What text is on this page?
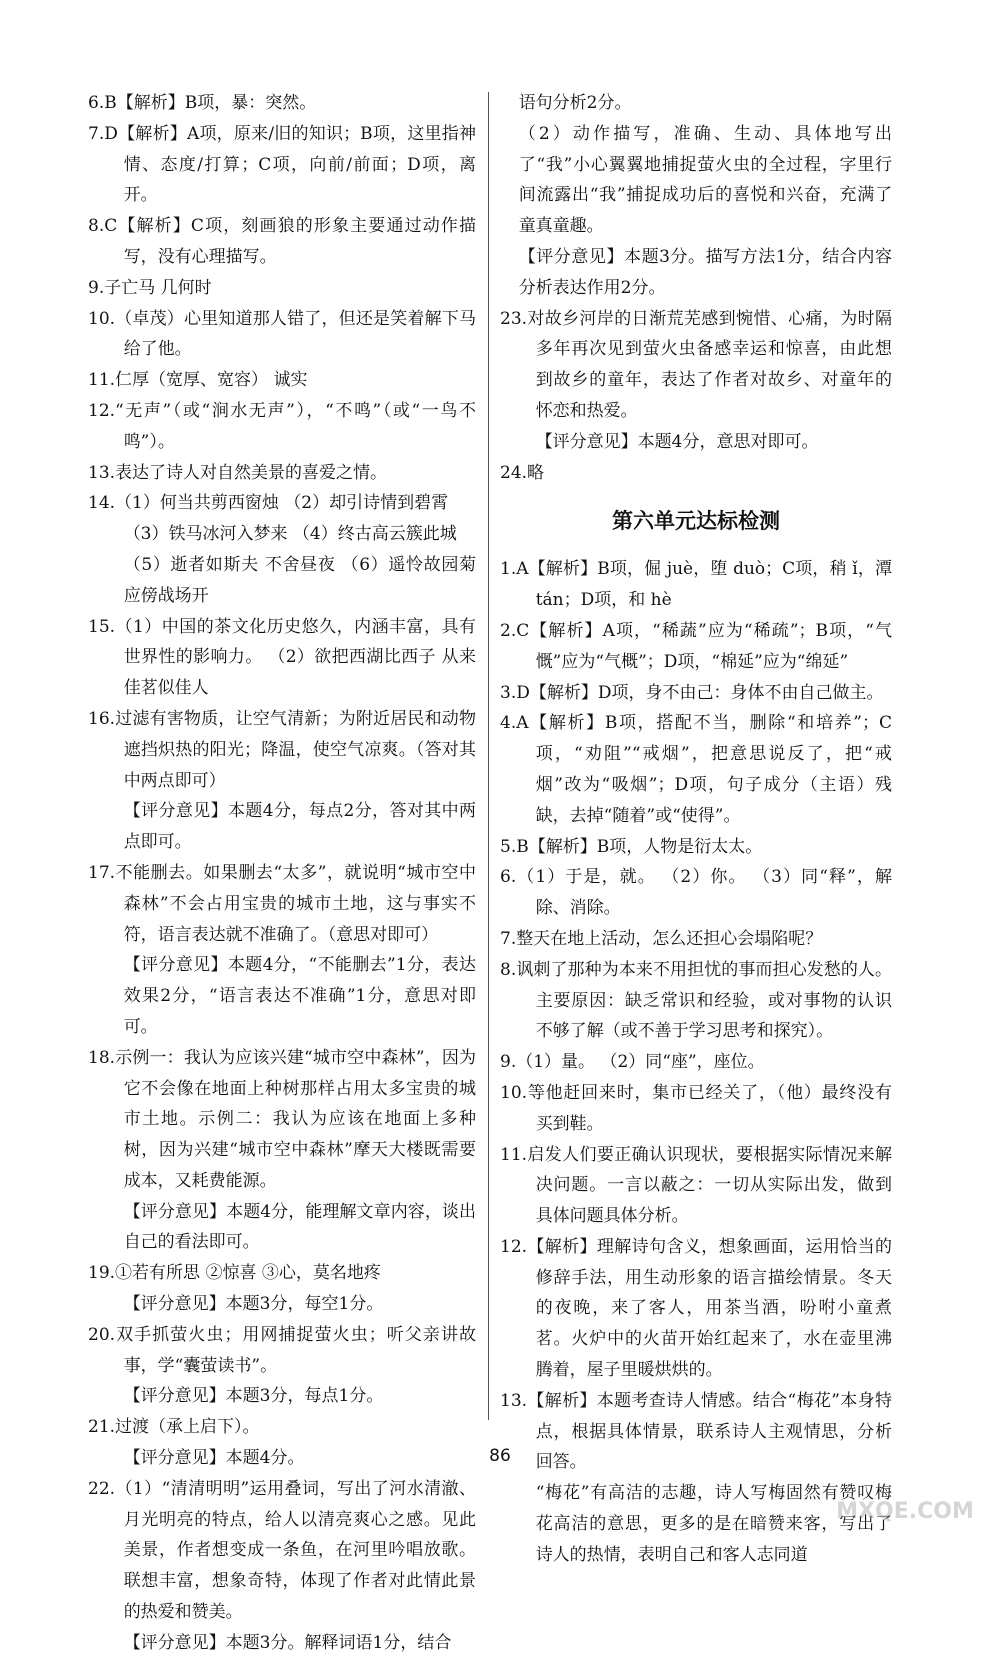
6.B【解析】B项，暴：突然。

7.D【解析】A项，原来/旧的知识；B项，这里指神情、态度/打算；C项，向前/前面；D项，离开。

8.C【解析】C项，刻画狼的形象主要通过动作描写，没有心理描写。

9.子亡马 几何时

10.（卓茂）心里知道那人错了，但还是笑着解下马给了他。

11.仁厚（宽厚、宽容） 诚实

12.“无声”（或“涧水无声”），“不鸣”（或“一鸟不鸣”）。

13.表达了诗人对自然美景的喜爱之情。

14.（1）何当共剪西窗烛 （2）却引诗情到碧霄
（3）铁马冰河入梦来 （4）终古高云簇此城
（5）逝者如斯夫 不舍昼夜 （6）遥怜故园菊 应傍战场开

15.（1）中国的茶文化历史悠久，内涵丰富，具有世界性的影响力。 （2）欲把西湖比西子 从来佳茗似佳人

16.过滤有害物质，让空气清新；为附近居民和动物遮挡炽热的阳光；降温，使空气凉爽。（答对其中两点即可）

【评分意见】本题4分，每点2分，答对其中两点即可。

17.不能删去。如果删去“太多”，就说明“城市空中森林”不会占用宝贵的城市土地，这与事实不符，语言表达就不准确了。（意思对即可）

【评分意见】本题4分，“不能删去”1分，表达效果2分，“语言表达不准确”1分，意思对即可。

18.示例一：我认为应该兴建“城市空中森林”，因为它不会像在地面上种树那样占用太多宝贵的城市土地。示例二：我认为应该在地面上多种树，因为兴建“城市空中森林”摩天大楼既需要成本，又耗费能源。

【评分意见】本题4分，能理解文章内容，谈出自己的看法即可。

19.①若有所思 ②惊喜 ③心，莫名地疼

【评分意见】本题3分，每空1分。

20.双手抓萤火虫；用网捕捉萤火虫；听父亲讲故事，学“囊萤读书”。

【评分意见】本题3分，每点1分。

21.过渡（承上启下）。

【评分意见】本题4分。

22.（1）“清清明明”运用叠词，写出了河水清澈、月光明亮的特点，给人以清亮爽心之感。见此美景，作者想变成一条鱼，在河里吟唱放歌。联想丰富，想象奇特，体现了作者对此情此景的热爱和赞美。

【评分意见】本题3分。解释词语1分，结合

语句分析2分。

（2）动作描写，准确、生动、具体地写出了“我”小心翼翼地捕捉萤火虫的全过程，字里行间流露出“我”捕捉成功后的喜悦和兴奋，充满了童真童趣。

【评分意见】本题3分。描写方法1分，结合内容分析表达作用2分。

23.对故乡河岸的日渐荒芜感到惋惜、心痛，为时隔多年再次见到萤火虫备感幸运和惊喜，由此想到故乡的童年，表达了作者对故乡、对童年的怀恋和热爱。

【评分意见】本题4分，意思对即可。

24.略

第六单元达标检测

1.A【解析】B项，倔 juè，堕 duò；C项，稍 ǐ，潭 tán；D项，和 hè

2.C【解析】A项，“稀蔬”应为“稀疏”；B项，“气慨”应为“气概”；D项，“棉延”应为“绵延”

3.D【解析】D项，身不由己：身体不由自己做主。

4.A【解析】B项，搭配不当，删除“和培养”；C项，“劝阻”“戒烟”，把意思说反了，把“戒烟”改为“吸烟”；D项，句子成分（主语）残缺，去掉“随着”或“使得”。

5.B【解析】B项，人物是衍太太。

6.（1）于是，就。 （2）你。 （3）同“释”，解除、消除。

7.整天在地上活动，怎么还担心会塌陷呢？

8.讽刺了那种为本来不用担忧的事而担心发愁的人。主要原因：缺乏常识和经验，或对事物的认识不够了解（或不善于学习思考和探究）。

9.（1）量。 （2）同“座”，座位。

10.等他赶回来时，集市已经关了，（他）最终没有买到鞋。

11.启发人们要正确认识现状，要根据实际情况来解决问题。一言以蔽之：一切从实际出发，做到具体问题具体分析。

12.【解析】理解诗句含义，想象画面，运用恰当的修辞手法，用生动形象的语言描绘情景。冬天的夜晚，来了客人，用茶当酒，吩咐小童煮茗。火炉中的火苗开始红起来了，水在壶里沸腾着，屋子里暖烘烘的。

13.【解析】本题考查诗人情感。结合“梅花”本身特点，根据具体情景，联系诗人主观情思，分析回答。

“梅花”有高洁的志趣，诗人写梅固然有赞叹梅花高洁的意思，更多的是在暗赞来客，写出了诗人的热情，表明自己和客人志同道

86
MXQE.COM
